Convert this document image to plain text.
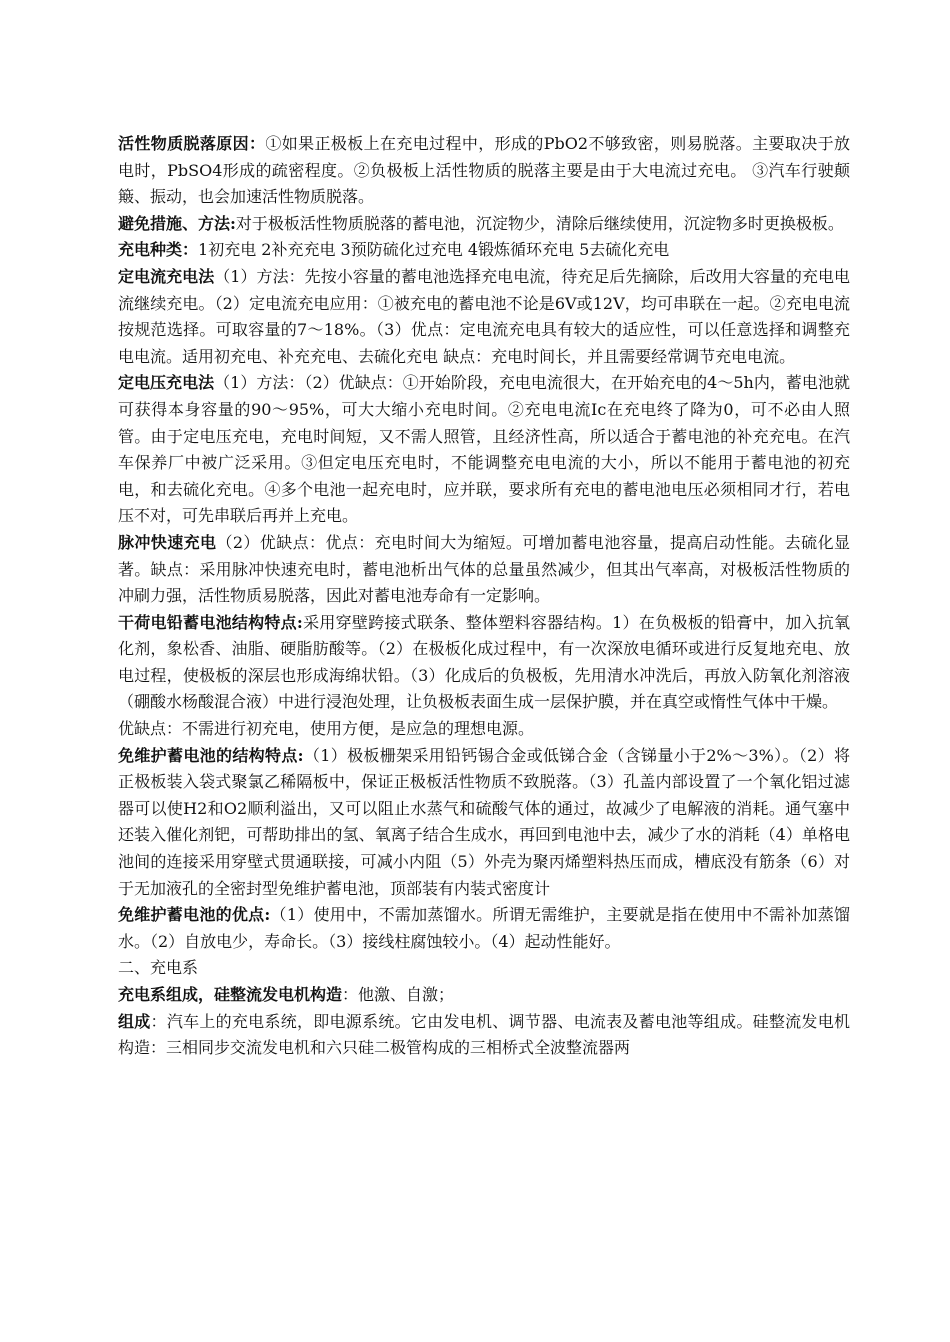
活性物质脱落原因：①如果正极板上在充电过程中，形成的PbO2不够致密，则易脱落。主要取决于放电时，PbSO4形成的疏密程度。②负极板上活性物质的脱落主要是由于大电流过充电。 ③汽车行驶颠簸、振动，也会加速活性物质脱落。

避免措施、方法:对于极板活性物质脱落的蓄电池，沉淀物少，清除后继续使用，沉淀物多时更换极板。

充电种类：1初充电 2补充充电 3预防硫化过充电 4锻炼循环充电 5去硫化充电

定电流充电法（1）方法：先按小容量的蓄电池选择充电电流，待充足后先摘除，后改用大容量的充电电流继续充电。（2）定电流充电应用：①被充电的蓄电池不论是6V或12V，均可串联在一起。②充电电流按规范选择。可取容量的7～18%。（3）优点：定电流充电具有较大的适应性，可以任意选择和调整充电电流。适用初充电、补充充电、去硫化充电 缺点：充电时间长，并且需要经常调节充电电流。

定电压充电法（1）方法：（2）优缺点：①开始阶段，充电电流很大，在开始充电的4～5h内，蓄电池就可获得本身容量的90～95%，可大大缩小充电时间。②充电电流Ic在充电终了降为0，可不必由人照管。由于定电压充电，充电时间短，又不需人照管，且经济性高，所以适合于蓄电池的补充充电。在汽车保养厂中被广泛采用。③但定电压充电时，不能调整充电电流的大小，所以不能用于蓄电池的初充电，和去硫化充电。④多个电池一起充电时，应并联，要求所有充电的蓄电池电压必须相同才行，若电压不对，可先串联后再并上充电。

脉冲快速充电（2）优缺点：优点：充电时间大为缩短。可增加蓄电池容量，提高启动性能。去硫化显著。缺点：采用脉冲快速充电时，蓄电池析出气体的总量虽然减少，但其出气率高，对极板活性物质的冲刷力强，活性物质易脱落，因此对蓄电池寿命有一定影响。

干荷电铅蓄电池结构特点:采用穿壁跨接式联条、整体塑料容器结构。1）在负极板的铅膏中，加入抗氧化剂，象松香、油脂、硬脂肪酸等。（2）在极板化成过程中，有一次深放电循环或进行反复地充电、放电过程，使极板的深层也形成海绵状铅。（3）化成后的负极板，先用清水冲洗后，再放入防氧化剂溶液（硼酸水杨酸混合液）中进行浸泡处理，让负极板表面生成一层保护膜，并在真空或惰性气体中干燥。

优缺点：不需进行初充电，使用方便，是应急的理想电源。

免维护蓄电池的结构特点:（1）极板栅架采用铅钙锡合金或低锑合金（含锑量小于2%～3%）。（2）将正极板装入袋式聚氯乙稀隔板中，保证正极板活性物质不致脱落。（3）孔盖内部设置了一个氧化铝过滤器可以使H2和O2顺利溢出，又可以阻止水蒸气和硫酸气体的通过，故减少了电解液的消耗。通气塞中还装入催化剂钯，可帮助排出的氢、氧离子结合生成水，再回到电池中去，减少了水的消耗（4）单格电池间的连接采用穿壁式贯通联接，可减小内阻（5）外壳为聚丙烯塑料热压而成，槽底没有筋条（6）对于无加液孔的全密封型免维护蓄电池，顶部装有内装式密度计

免维护蓄电池的优点:（1）使用中，不需加蒸馏水。所谓无需维护，主要就是指在使用中不需补加蒸馏水。（2）自放电少，寿命长。（3）接线柱腐蚀较小。（4）起动性能好。

二、充电系

充电系组成，硅整流发电机构造：他激、自激；

组成：汽车上的充电系统，即电源系统。它由发电机、调节器、电流表及蓄电池等组成。硅整流发电机构造：三相同步交流发电机和六只硅二极管构成的三相桥式全波整流器两
